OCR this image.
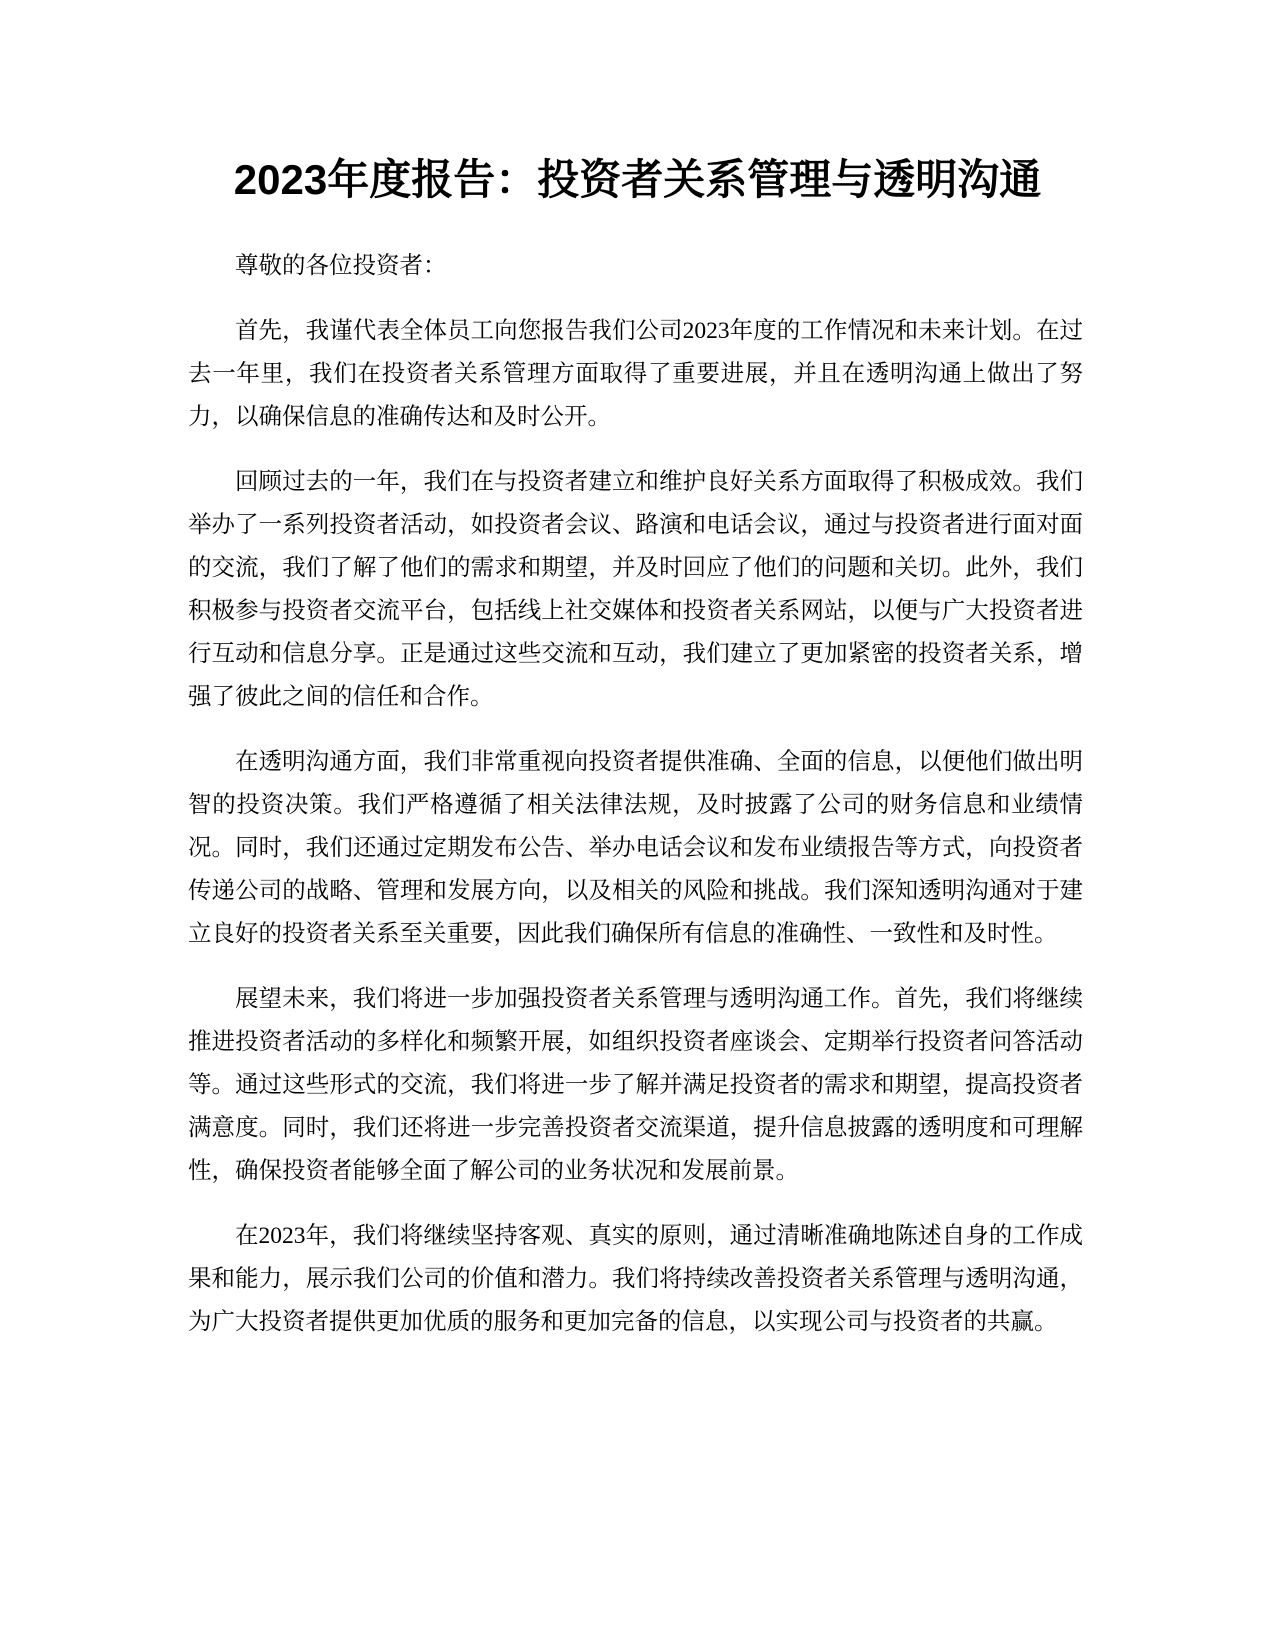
2023年度报告：投资者关系管理与透明沟通

尊敬的各位投资者：

首先，我谨代表全体员工向您报告我们公司2023年度的工作情况和未来计划。在过去一年里，我们在投资者关系管理方面取得了重要进展，并且在透明沟通上做出了努力，以确保信息的准确传达和及时公开。

回顾过去的一年，我们在与投资者建立和维护良好关系方面取得了积极成效。我们举办了一系列投资者活动，如投资者会议、路演和电话会议，通过与投资者进行面对面的交流，我们了解了他们的需求和期望，并及时回应了他们的问题和关切。此外，我们积极参与投资者交流平台，包括线上社交媒体和投资者关系网站，以便与广大投资者进行互动和信息分享。正是通过这些交流和互动，我们建立了更加紧密的投资者关系，增强了彼此之间的信任和合作。

在透明沟通方面，我们非常重视向投资者提供准确、全面的信息，以便他们做出明智的投资决策。我们严格遵循了相关法律法规，及时披露了公司的财务信息和业绩情况。同时，我们还通过定期发布公告、举办电话会议和发布业绩报告等方式，向投资者传递公司的战略、管理和发展方向，以及相关的风险和挑战。我们深知透明沟通对于建立良好的投资者关系至关重要，因此我们确保所有信息的准确性、一致性和及时性。

展望未来，我们将进一步加强投资者关系管理与透明沟通工作。首先，我们将继续推进投资者活动的多样化和频繁开展，如组织投资者座谈会、定期举行投资者问答活动等。通过这些形式的交流，我们将进一步了解并满足投资者的需求和期望，提高投资者满意度。同时，我们还将进一步完善投资者交流渠道，提升信息披露的透明度和可理解性，确保投资者能够全面了解公司的业务状况和发展前景。

在2023年，我们将继续坚持客观、真实的原则，通过清晰准确地陈述自身的工作成果和能力，展示我们公司的价值和潜力。我们将持续改善投资者关系管理与透明沟通，为广大投资者提供更加优质的服务和更加完备的信息，以实现公司与投资者的共赢。
